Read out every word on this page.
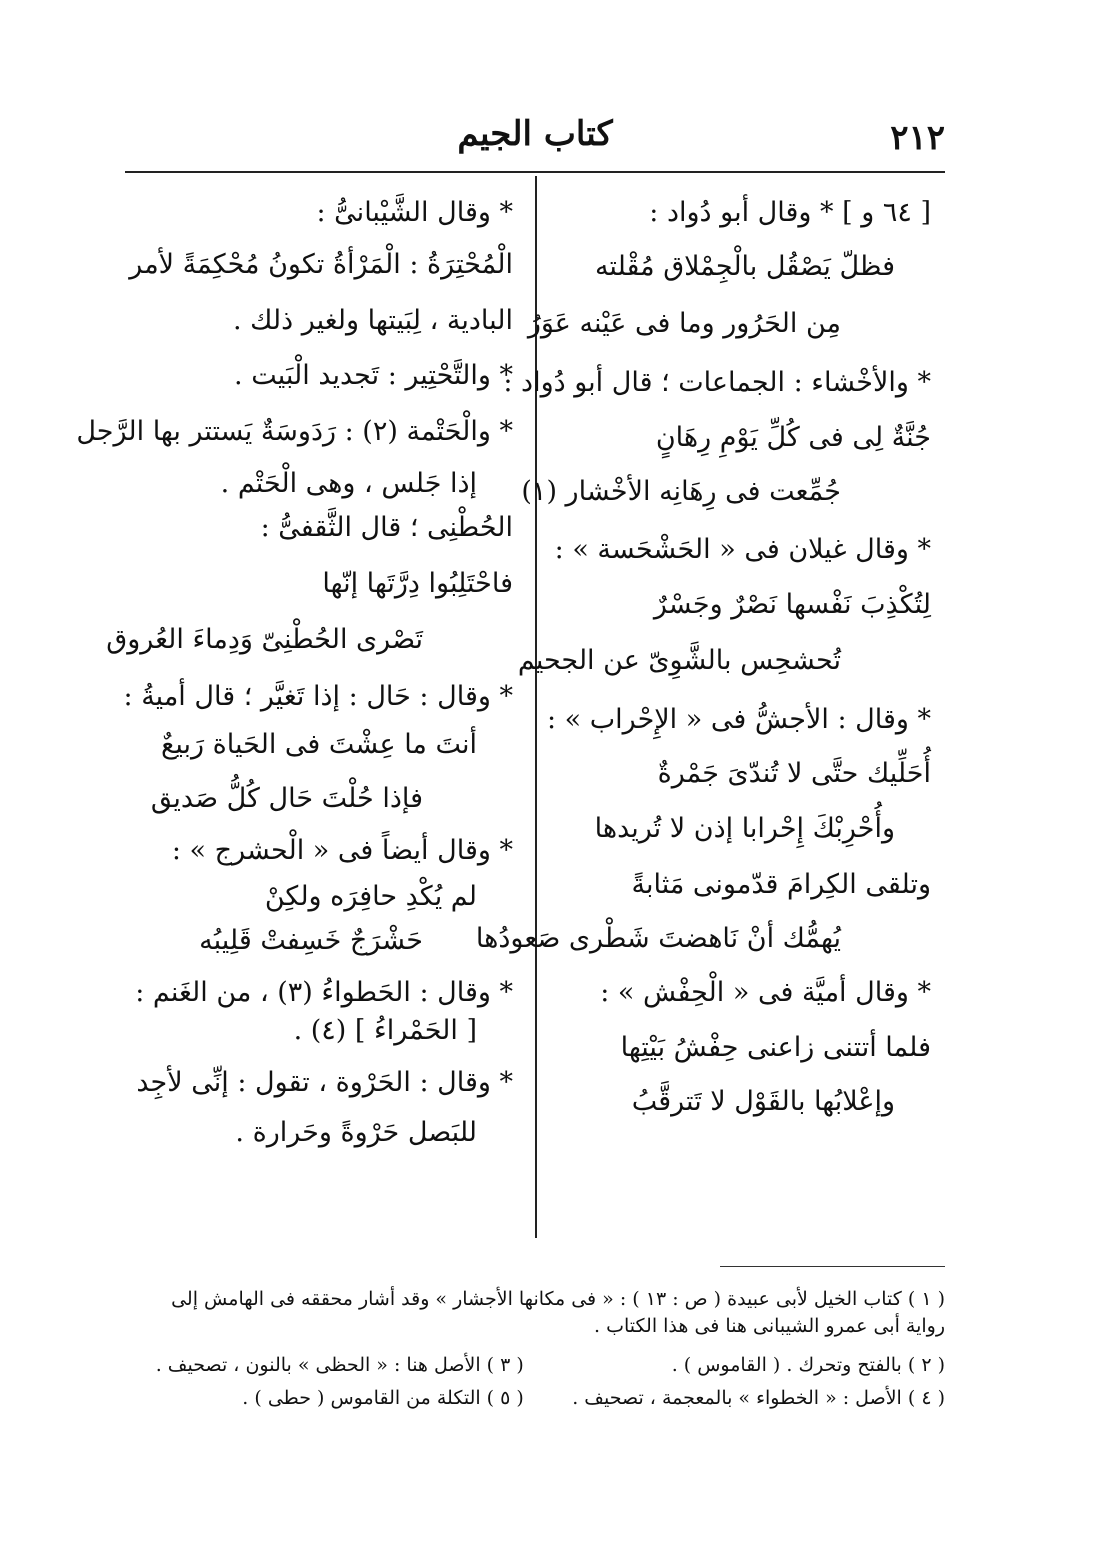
٢١٢
كتاب الجيم
[ ٦٤ و ] * وقال أبو دُواد :
فظلّ يَصْقُل بالْجِمْلاق مُقْلته
مِن الحَرُور وما فى عَيْنه عَوَرُ
* والأخْشاء : الجماعات ؛ قال أبو دُواد :
جُنَّةٌ لِى فى كُلِّ يَوْمِ رِهَانٍ
جُمِّعت فى رِهَانِه الأخْشار (١)
* وقال غيلان فى « الحَشْحَسة » :
لِتُكْذِبَ نَفْسها نَصْرٌ وجَسْرٌ
تُحشحِس بالشَّوِىّ عن الجحيم
* وقال : الأجشُّ فى « الإِحْراب » :
أُحَلِّيك حتَّى لا تُندّىَ جَمْرةٌ
وأُحْرِبْكَ إِحْرابا إذن لا تُريدها
وتلقى الكِرامَ قدّمونى مَثابةً
يُهمُّك أنْ نَاهضتَ شَطْرى صَعودُها
* وقال أميَّة فى « الْحِفْش » :
فلما أتتنى زاعنى حِفْشُ بَيْتِها
وإعْلابُها بالقَوْل لا تَترقَّبُ
* وقال الشَّيْبانىُّ :
الْمُحْتِرَةُ : الْمَرْأةُ تكونُ مُحْكِمَةً لأمر
البادية ، لِبَيتها ولغير ذلك .
* والتَّحْتِير : تَجديد الْبَيت .
* والْحَتْمة (٢) : رَدَوسَةٌ يَستتر بها الرَّجل
إذا جَلس ، وهى الْحَتْم .
الحُطْنِى ؛ قال الثَّقفىُّ :
فاحْتَلِبُوا دِرَّتَها إنّها
تَصْرى الحُطْنِىّ وَدِماءَ العُروق
* وقال : حَال : إذا تَغيَّر ؛ قال أميةُ :
أنتَ ما عِشْتَ فى الحَياة رَبيعٌ
فإذا حُلْتَ حَال كُلُّ صَديق
* وقال أيضاً فى « الْحشرج » :
لم يُكْدِ حافِرَه ولكِنْ
حَشْرَجٌ خَسِفتْ قَلِيبُه
* وقال : الحَطواءُ (٣) ، من الغَنم :
[ الحَمْراءُ ] (٤) .
* وقال : الحَرْوة ، تقول : إنِّى لأجِد
للبَصل حَرْوةً وحَرارة .
( ١ ) كتاب الخيل لأبى عبيدة ( ص : ١٣ ) : « فى مكانها الأجشار » وقد أشار محققه فى الهامش إلى رواية أبى عمرو الشيبانى هنا فى هذا الكتاب .
( ٢ ) بالفتح وتحرك . ( القاموس ) .
( ٣ ) الأصل هنا : « الحظى » بالنون ، تصحيف .
( ٤ ) الأصل : « الخطواء » بالمعجمة ، تصحيف .
( ٥ ) التكلة من القاموس ( حطى ) .
